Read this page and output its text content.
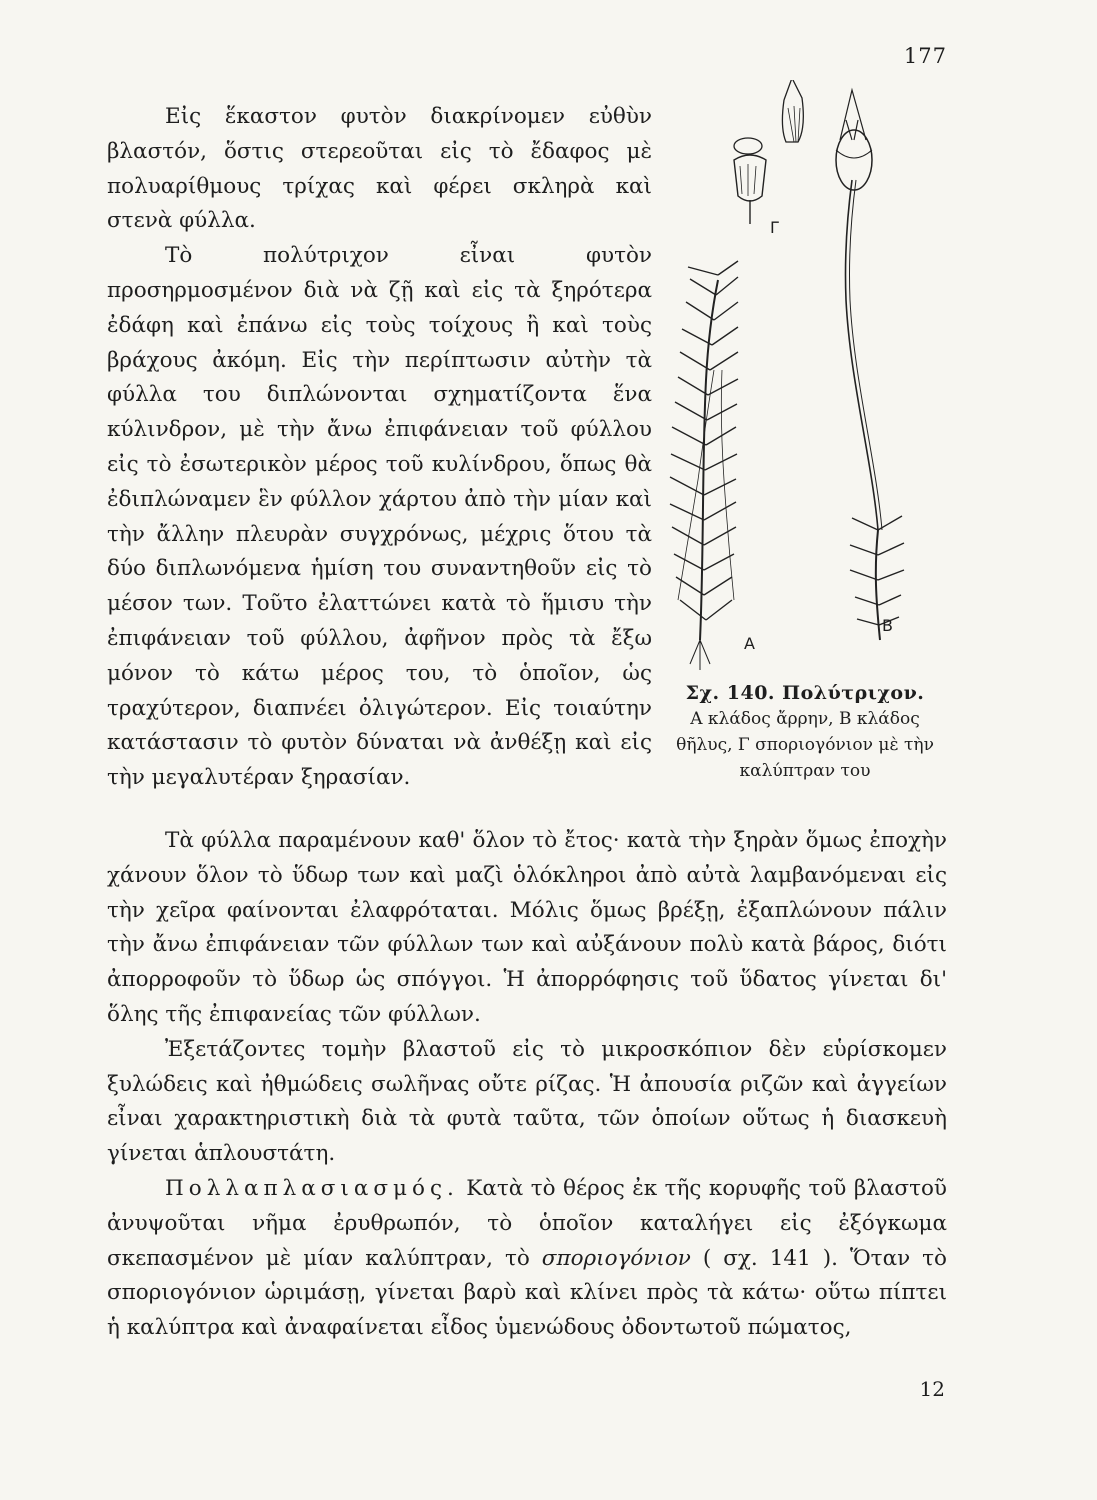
177

Εἰς ἕκαστον φυτὸν διακρίνομεν εὐθὺν βλαστόν, ὅστις στερεοῦται εἰς τὸ ἔδαφος μὲ πολυαρίθμους τρίχας καὶ φέρει σκληρὰ καὶ στενὰ φύλλα.

Τὸ πολύτριχον εἶναι φυτὸν προσηρμοσμένον διὰ νὰ ζῇ καὶ εἰς τὰ ξηρότερα ἐδάφη καὶ ἐπάνω εἰς τοὺς τοίχους ἢ καὶ τοὺς βράχους ἀκόμη. Εἰς τὴν περίπτωσιν αὐτὴν τὰ φύλλα του διπλώνονται σχηματίζοντα ἕνα κύλινδρον, μὲ τὴν ἄνω ἐπιφάνειαν τοῦ φύλλου εἰς τὸ ἐσωτερικὸν μέρος τοῦ κυλίνδρου, ὅπως θὰ ἐδιπλώναμεν ἓν φύλλον χάρτου ἀπὸ τὴν μίαν καὶ τὴν ἄλλην πλευρὰν συγχρόνως, μέχρις ὅτου τὰ δύο διπλωνόμενα ἡμίση του συναντηθοῦν εἰς τὸ μέσον των. Τοῦτο ἐλαττώνει κατὰ τὸ ἥμισυ τὴν ἐπιφάνειαν τοῦ φύλλου, ἀφῆνον πρὸς τὰ ἔξω μόνον τὸ κάτω μέρος του, τὸ ὁποῖον, ὡς τραχύτερον, διαπνέει ὀλιγώτερον. Εἰς τοιαύτην κατάστασιν τὸ φυτὸν δύναται νὰ ἀνθέξῃ καὶ εἰς τὴν μεγαλυτέραν ξηρασίαν.

Α
Β
Γ
Σχ. 140. Πολύτριχον.
Α κλάδος ἄρρην, Β κλάδος θῆλυς, Γ σποριογόνιον μὲ τὴν καλύπτραν του

Τὰ φύλλα παραμένουν καθ' ὅλον τὸ ἔτος· κατὰ τὴν ξηρὰν ὅμως ἐποχὴν χάνουν ὅλον τὸ ὕδωρ των καὶ μαζὶ ὁλόκληροι ἀπὸ αὐτὰ λαμβανόμεναι εἰς τὴν χεῖρα φαίνονται ἐλαφρόταται. Μόλις ὅμως βρέξῃ, ἐξαπλώνουν πάλιν τὴν ἄνω ἐπιφάνειαν τῶν φύλλων των καὶ αὐξάνουν πολὺ κατὰ βάρος, διότι ἀπορροφοῦν τὸ ὕδωρ ὡς σπόγγοι. Ἡ ἀπορρόφησις τοῦ ὕδατος γίνεται δι' ὅλης τῆς ἐπιφανείας τῶν φύλλων.

Ἐξετάζοντες τομὴν βλαστοῦ εἰς τὸ μικροσκόπιον δὲν εὑρίσκομεν ξυλώδεις καὶ ἠθμώδεις σωλῆνας οὔτε ρίζας. Ἡ ἀπουσία ριζῶν καὶ ἀγγείων εἶναι χαρακτηριστικὴ διὰ τὰ φυτὰ ταῦτα, τῶν ὁποίων οὕτως ἡ διασκευὴ γίνεται ἁπλουστάτη.

Πολλαπλασιασμός. Κατὰ τὸ θέρος ἐκ τῆς κορυφῆς τοῦ βλαστοῦ ἀνυψοῦται νῆμα ἐρυθρωπόν, τὸ ὁποῖον καταλήγει εἰς ἐξόγκωμα σκεπασμένον μὲ μίαν καλύπτραν, τὸ σποριογόνιον ( σχ. 141 ). Ὅταν τὸ σποριογόνιον ὡριμάσῃ, γίνεται βαρὺ καὶ κλίνει πρὸς τὰ κάτω· οὕτω πίπτει ἡ καλύπτρα καὶ ἀναφαίνεται εἶδος ὑμενώδους ὀδοντωτοῦ πώματος,

12
